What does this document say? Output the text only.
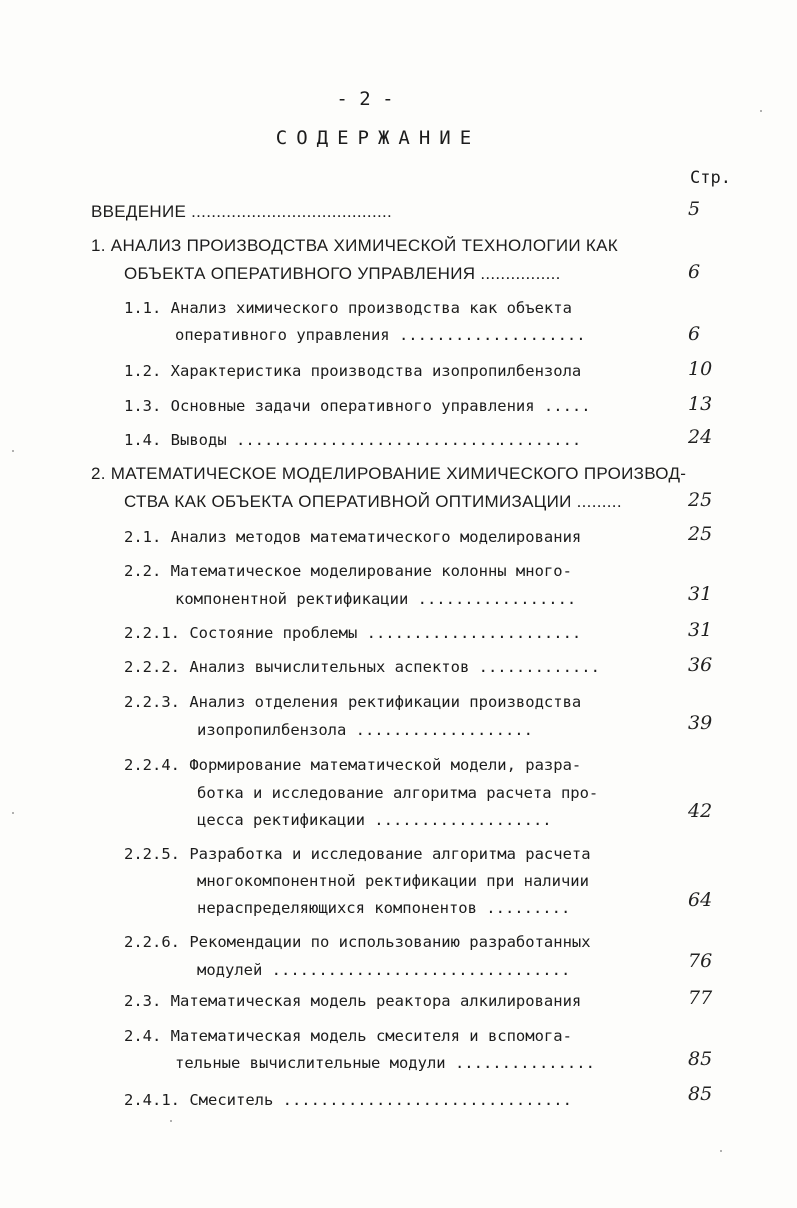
- 2 -
СОДЕРЖАНИЕ
Стр.
ВВЕДЕНИЕ ........................................	5
1. АНАЛИЗ ПРОИЗВОДСТВА ХИМИЧЕСКОЙ ТЕХНОЛОГИИ КАК
ОБЪЕКТА ОПЕРАТИВНОГО УПРАВЛЕНИЯ ................	6
1.1. Анализ химического производства как объекта
оперативного управления ....................	6
1.2. Характеристика производства изопропилбензола	10
1.3. Основные задачи оперативного управления .....	13
1.4. Выводы .....................................	24
2. МАТЕМАТИЧЕСКОЕ МОДЕЛИРОВАНИЕ ХИМИЧЕСКОГО ПРОИЗВОД-
СТВА КАК ОБЪЕКТА ОПЕРАТИВНОЙ ОПТИМИЗАЦИИ .........	25
2.1. Анализ методов математического моделирования	25
2.2. Математическое моделирование колонны много-
компонентной ректификации .................	31
2.2.1. Состояние проблемы .......................	31
2.2.2. Анализ вычислительных аспектов .............	36
2.2.3. Анализ отделения ректификации производства
изопропилбензола ...................	39
2.2.4. Формирование математической модели, разра-
ботка и исследование алгоритма расчета про-
цесса ректификации ...................	42
2.2.5. Разработка и исследование алгоритма расчета
многокомпонентной ректификации при наличии
нераспределяющихся компонентов .........	64
2.2.6. Рекомендации по использованию разработанных
модулей ................................	76
2.3. Математическая модель реактора алкилирования	77
2.4. Математическая модель смесителя и вспомога-
тельные вычислительные модули ...............	85
2.4.1. Смеситель ...............................	85
